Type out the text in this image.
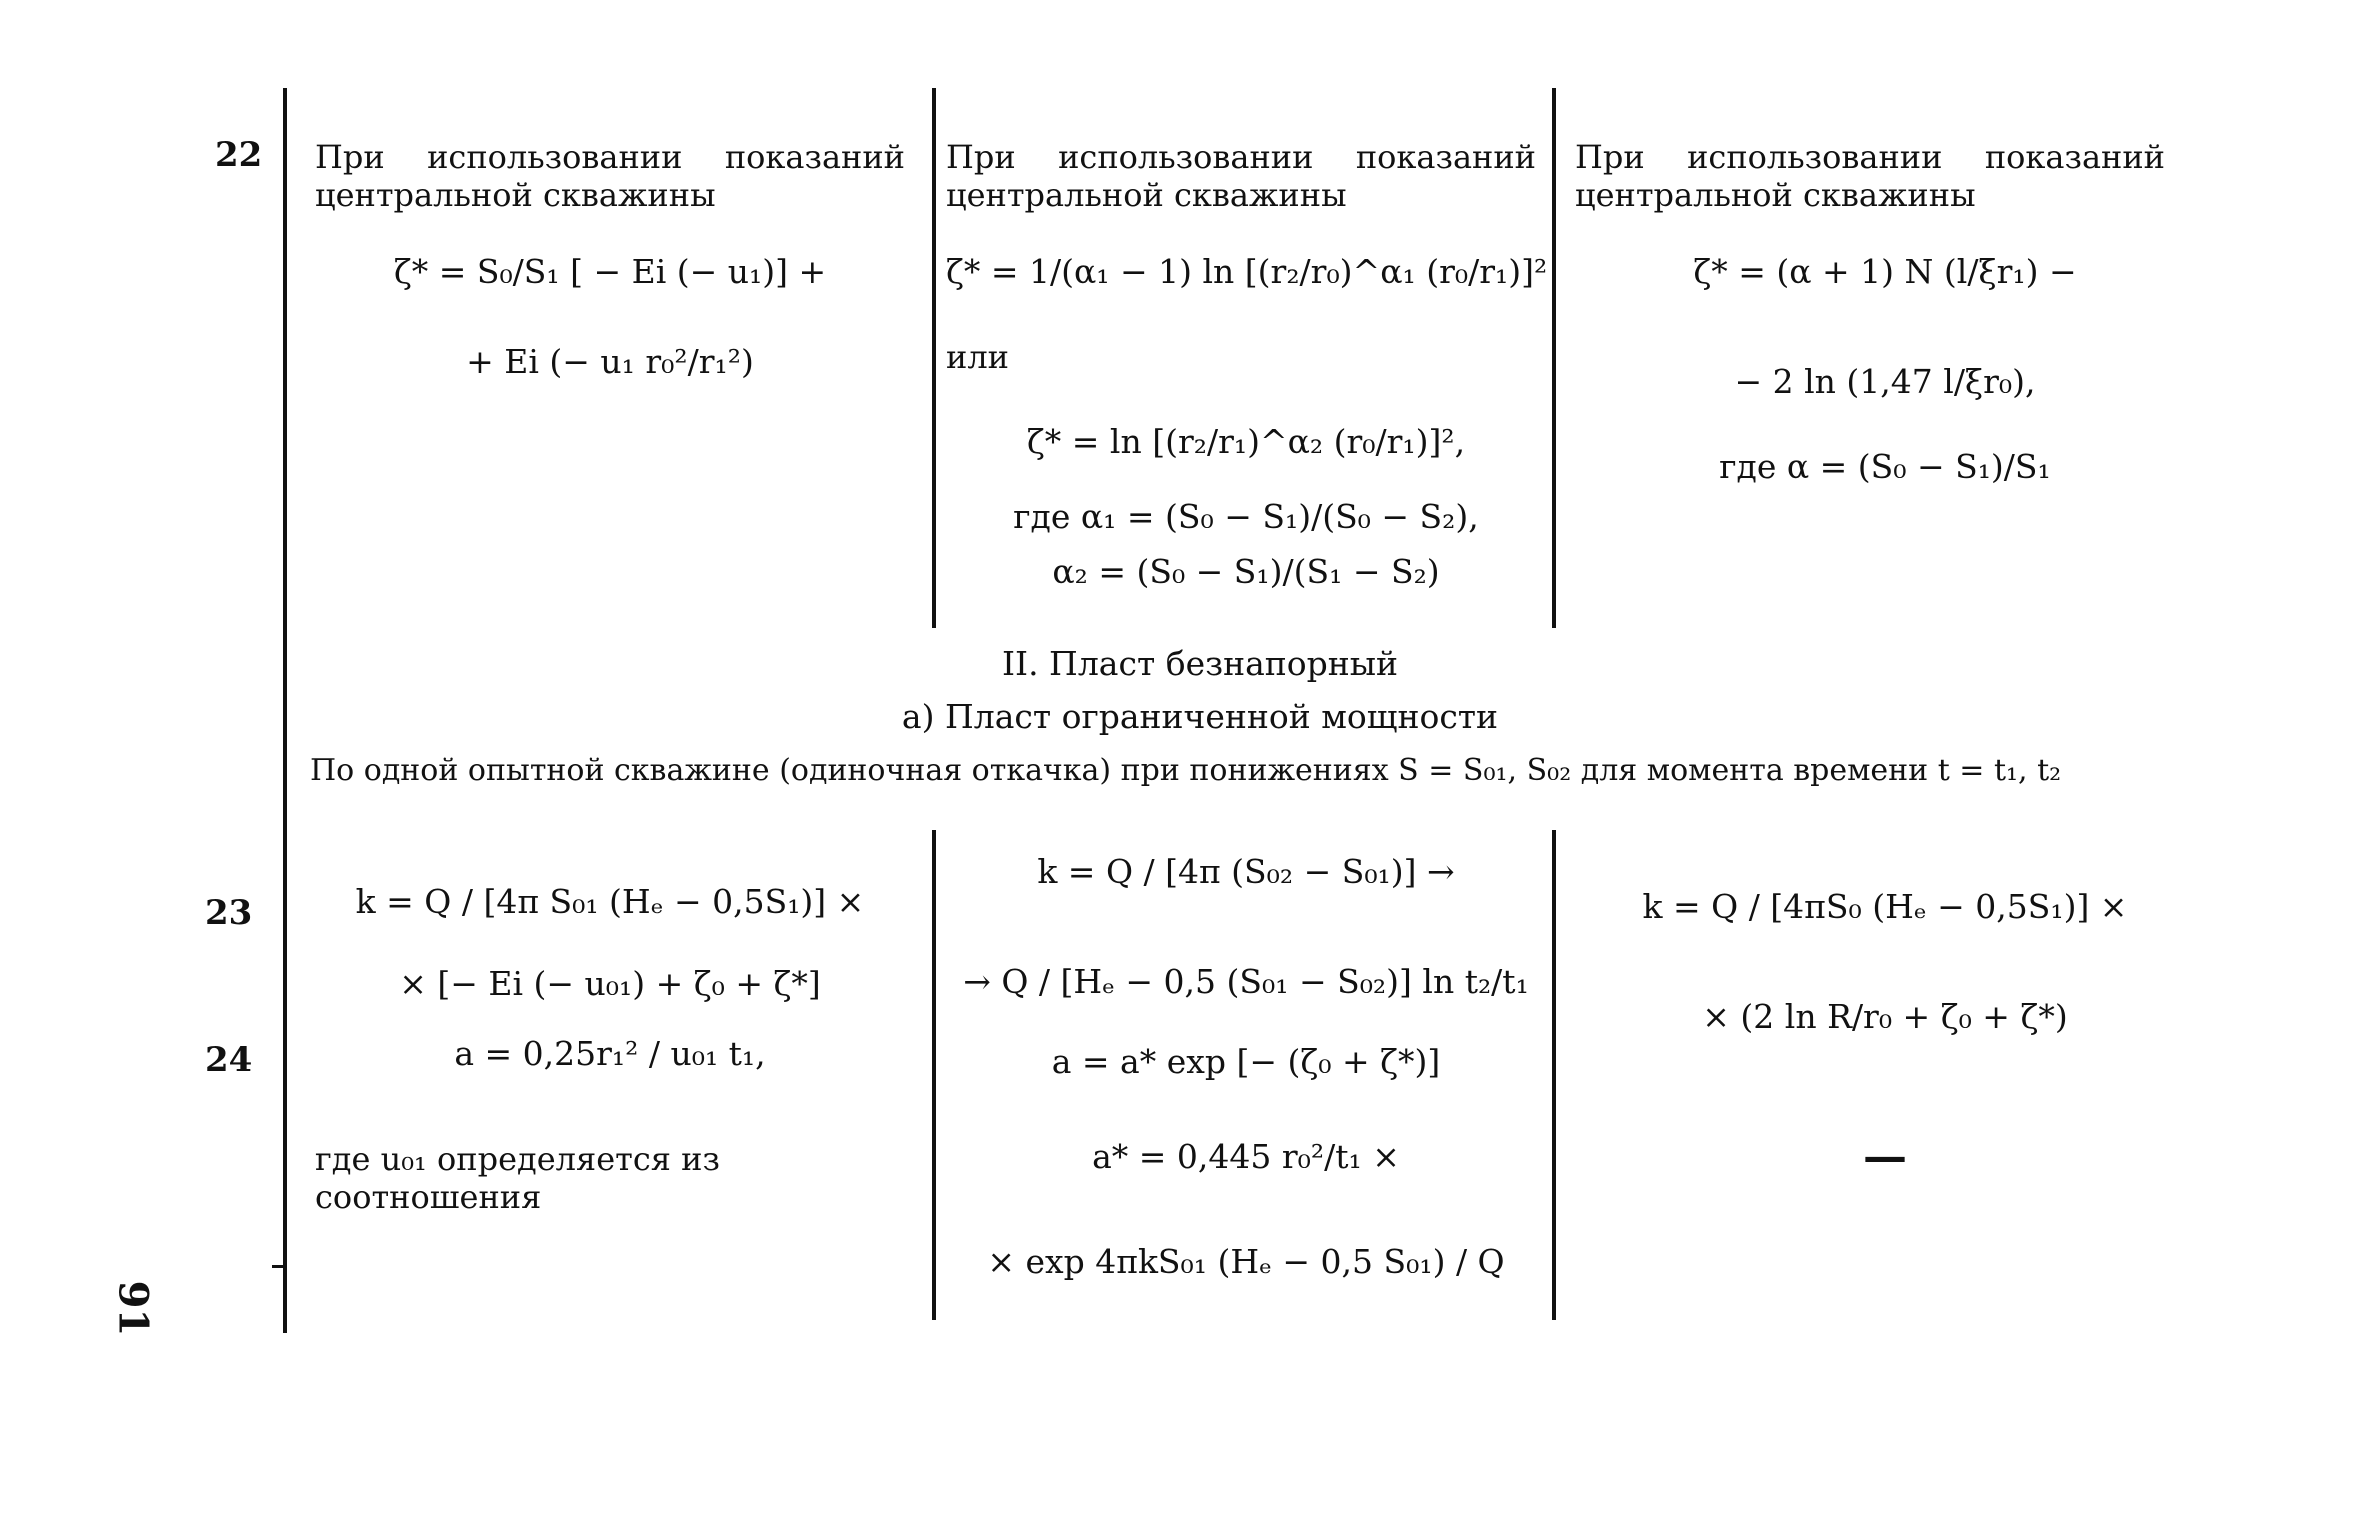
22 При использовании показаний
центральной скважины
При использовании показаний
центральной скважины
При использовании показаний
центральной скважины
ζ* = S₀/S₁ [ − Ei (− u₁)] +
+ Ei (− u₁ r₀²/r₁²)
ζ* = 1/(α₁ − 1) ln [(r₂/r₀)^α₁ (r₀/r₁)]²
или
ζ* = ln [(r₂/r₁)^α₂ (r₀/r₁)]²,
где α₁ = (S₀ − S₁)/(S₀ − S₂),
α₂ = (S₀ − S₁)/(S₁ − S₂)
ζ* = (α + 1) N (l/ξr₁) −
− 2 ln (1,47 l/ξr₀),
где α = (S₀ − S₁)/S₁
II. Пласт безнапорный
а) Пласт ограниченной мощности
По одной опытной скважине (одиночная откачка) при понижениях S = S₀₁, S₀₂ для момента времени t = t₁, t₂
23	k = Q / [4π S₀₁ (Hₑ − 0,5S₁)] ×
× [− Ei (− u₀₁) + ζ₀ + ζ*]
k = Q / [4π (S₀₂ − S₀₁)] →
→ Q / [Hₑ − 0,5 (S₀₁ − S₀₂)] ln t₂/t₁
k = Q / [4πS₀ (Hₑ − 0,5S₁)] ×
× (2 ln R/r₀ + ζ₀ + ζ*)
24	a = 0,25r₁² / u₀₁ t₁,
где u₀₁ определяется из соотношения
a = a* exp [− (ζ₀ + ζ*)]
a* = 0,445 r₀²/t₁ ×
× exp 4πkS₀₁ (Hₑ − 0,5 S₀₁) / Q
—
91
